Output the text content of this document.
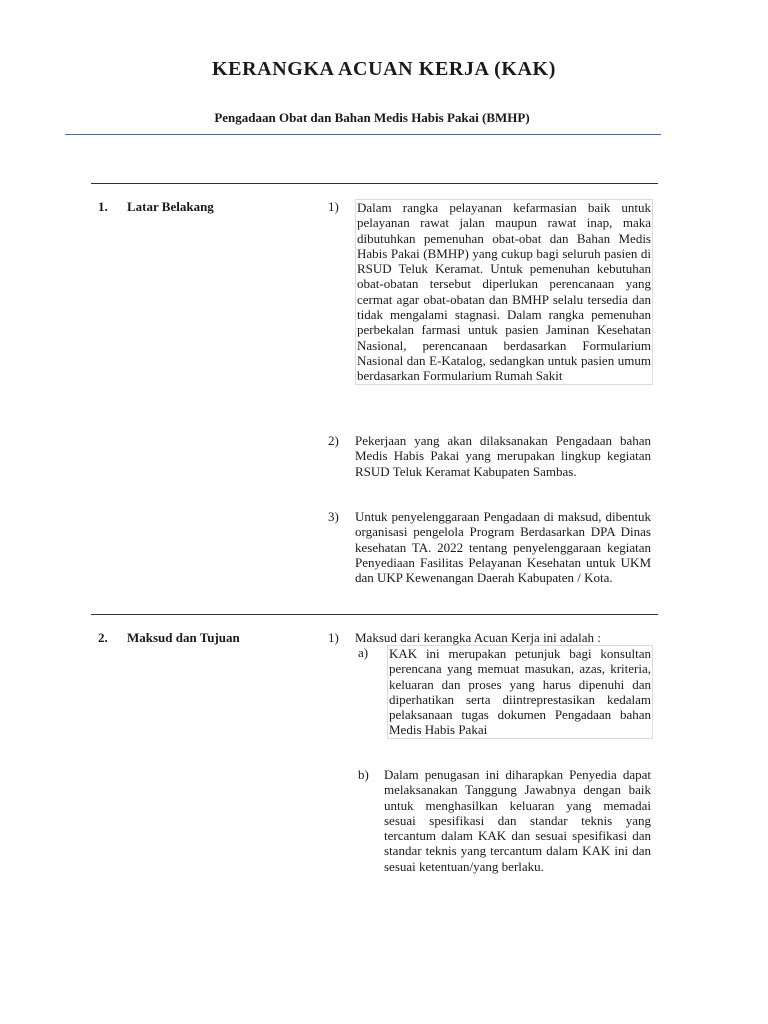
KERANGKA ACUAN KERJA (KAK)
Pengadaan Obat dan Bahan Medis Habis Pakai (BMHP)
1. Latar Belakang	1) Dalam rangka pelayanan kefarmasian baik untuk pelayanan rawat jalan maupun rawat inap, maka dibutuhkan pemenuhan obat-obat dan Bahan Medis Habis Pakai (BMHP) yang cukup bagi seluruh pasien di RSUD Teluk Keramat. Untuk pemenuhan kebutuhan obat-obatan tersebut diperlukan perencanaan yang cermat agar obat-obatan dan BMHP selalu tersedia dan tidak mengalami stagnasi. Dalam rangka pemenuhan perbekalan farmasi untuk pasien Jaminan Kesehatan Nasional, perencanaan berdasarkan Formularium Nasional dan E-Katalog, sedangkan untuk pasien umum berdasarkan Formularium Rumah Sakit
2) Pekerjaan yang akan dilaksanakan Pengadaan bahan Medis Habis Pakai yang merupakan lingkup kegiatan RSUD Teluk Keramat Kabupaten Sambas.
3) Untuk penyelenggaraan Pengadaan di maksud, dibentuk organisasi pengelola Program Berdasarkan DPA Dinas kesehatan TA. 2022 tentang penyelenggaraan kegiatan Penyediaan Fasilitas Pelayanan Kesehatan untuk UKM dan UKP Kewenangan Daerah Kabupaten / Kota.
2. Maksud dan Tujuan	1) Maksud dari kerangka Acuan Kerja ini adalah :
a) KAK ini merupakan petunjuk bagi konsultan perencana yang memuat masukan, azas, kriteria, keluaran dan proses yang harus dipenuhi dan diperhatikan serta diintreprestasikan kedalam pelaksanaan tugas dokumen Pengadaan bahan Medis Habis Pakai
b) Dalam penugasan ini diharapkan Penyedia dapat melaksanakan Tanggung Jawabnya dengan baik untuk menghasilkan keluaran yang memadai sesuai spesifikasi dan standar teknis yang tercantum dalam KAK dan sesuai spesifikasi dan standar teknis yang tercantum dalam KAK ini dan sesuai ketentuan/yang berlaku.
